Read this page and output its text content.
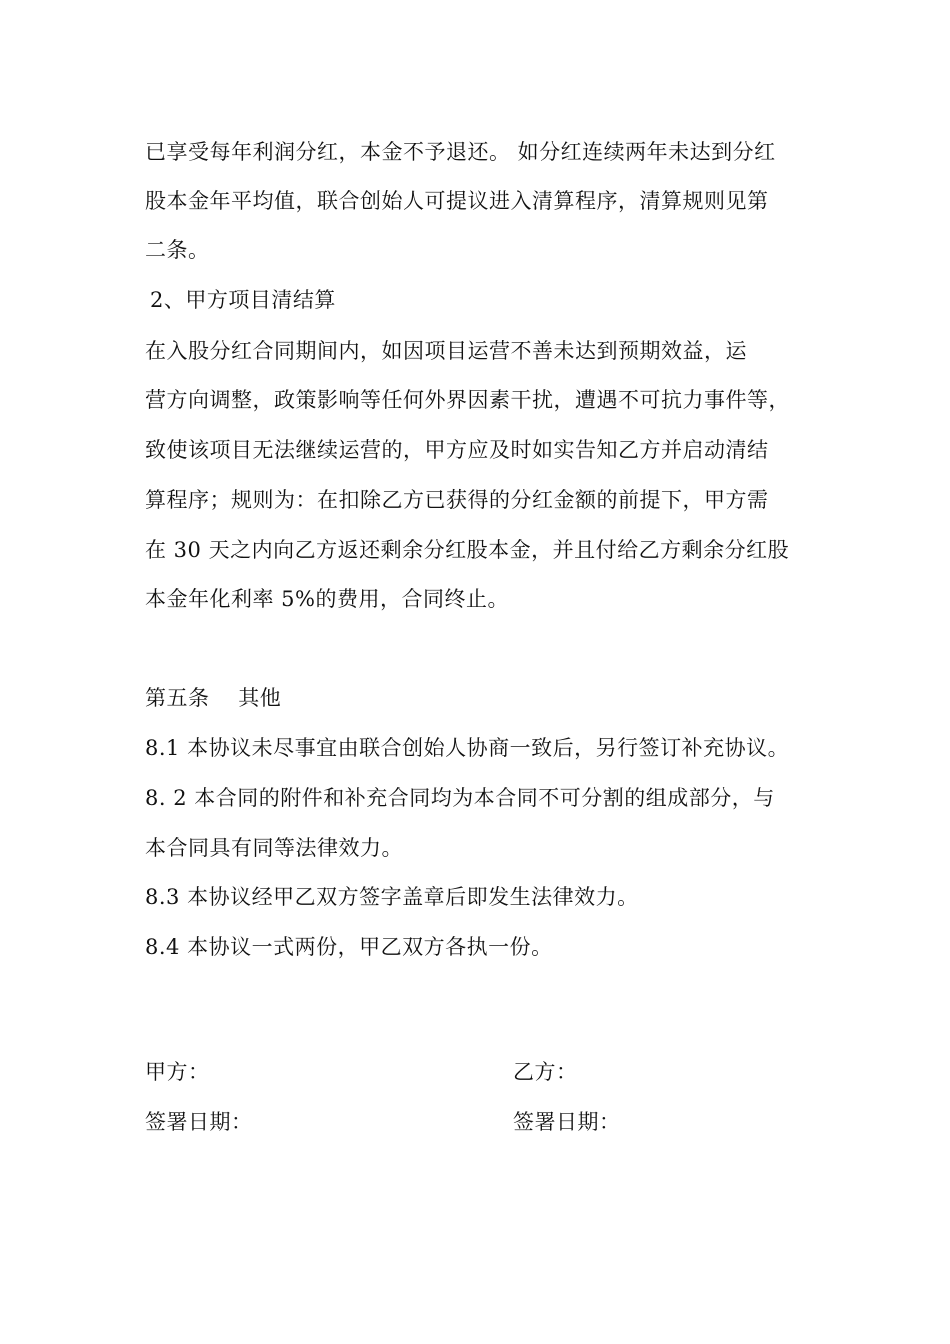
已享受每年利润分红，本金不予退还。 如分红连续两年未达到分红
股本金年平均值，联合创始人可提议进入清算程序，清算规则见第
二条。
2、甲方项目清结算
在入股分红合同期间内，如因项目运营不善未达到预期效益，运
营方向调整，政策影响等任何外界因素干扰，遭遇不可抗力事件等，
致使该项目无法继续运营的，甲方应及时如实告知乙方并启动清结
算程序；规则为：在扣除乙方已获得的分红金额的前提下，甲方需
在 30 天之内向乙方返还剩余分红股本金，并且付给乙方剩余分红股
本金年化利率 5%的费用，合同终止。
第五条    其他
8.1 本协议未尽事宜由联合创始人协商一致后，另行签订补充协议。
8. 2 本合同的附件和补充合同均为本合同不可分割的组成部分，与
本合同具有同等法律效力。
8.3 本协议经甲乙双方签字盖章后即发生法律效力。
8.4 本协议一式两份，甲乙双方各执一份。
甲方：	乙方：
签署日期：	签署日期：
